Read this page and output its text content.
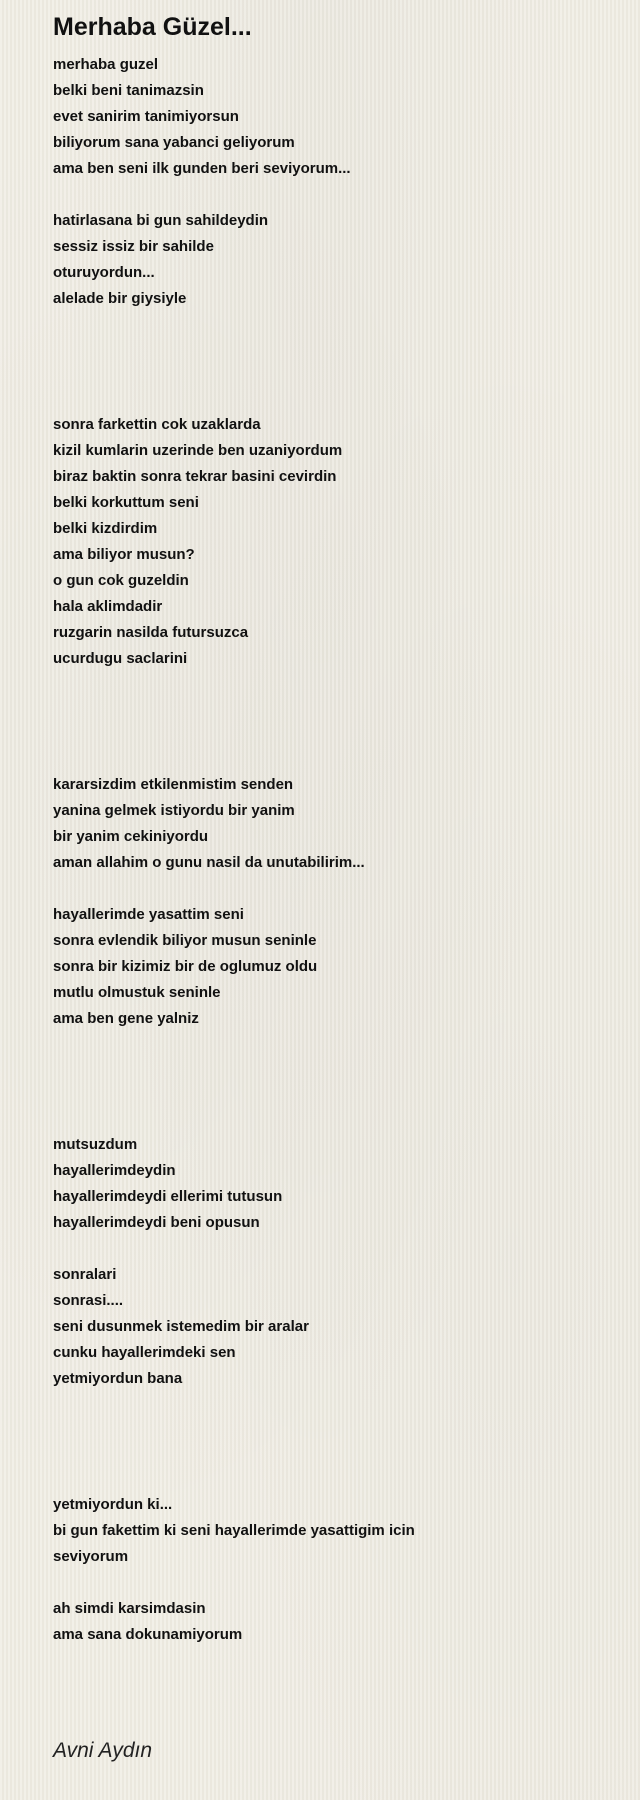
Merhaba Güzel...
merhaba guzel
belki beni tanimazsin
evet sanirim tanimiyorsun
biliyorum sana yabanci geliyorum
ama ben seni ilk gunden beri seviyorum...
hatirlasana bi gun sahildeydin
sessiz issiz bir sahilde
oturuyordun...
alelade bir giysiyle
sonra farkettin cok uzaklarda
kizil kumlarin uzerinde ben uzaniyordum
biraz baktin sonra tekrar basini cevirdin
belki korkuttum seni
belki kizdirdim
ama biliyor musun?
o gun cok guzeldin
hala aklimdadir
ruzgarin nasilda futursuzca
ucurdugu saclarini
kararsizdim etkilenmistim senden
yanina gelmek istiyordu bir yanim
bir yanim cekiniyordu
aman allahim o gunu nasil da unutabilirim...
hayallerimde yasattim seni
sonra evlendik biliyor musun seninle
sonra bir kizimiz bir de oglumuz oldu
mutlu olmustuk seninle
ama ben gene yalniz
mutsuzdum
hayallerimdeydin
hayallerimdeydi ellerimi tutusun
hayallerimdeydi beni opusun
sonralari
sonrasi....
seni dusunmek istemedim bir aralar
cunku hayallerimdeki sen
yetmiyordun bana
yetmiyordun ki...
bi gun fakettim ki seni hayallerimde yasattigim icin
seviyorum
ah simdi karsimdasin
ama sana dokunamiyorum
Avni Aydın
